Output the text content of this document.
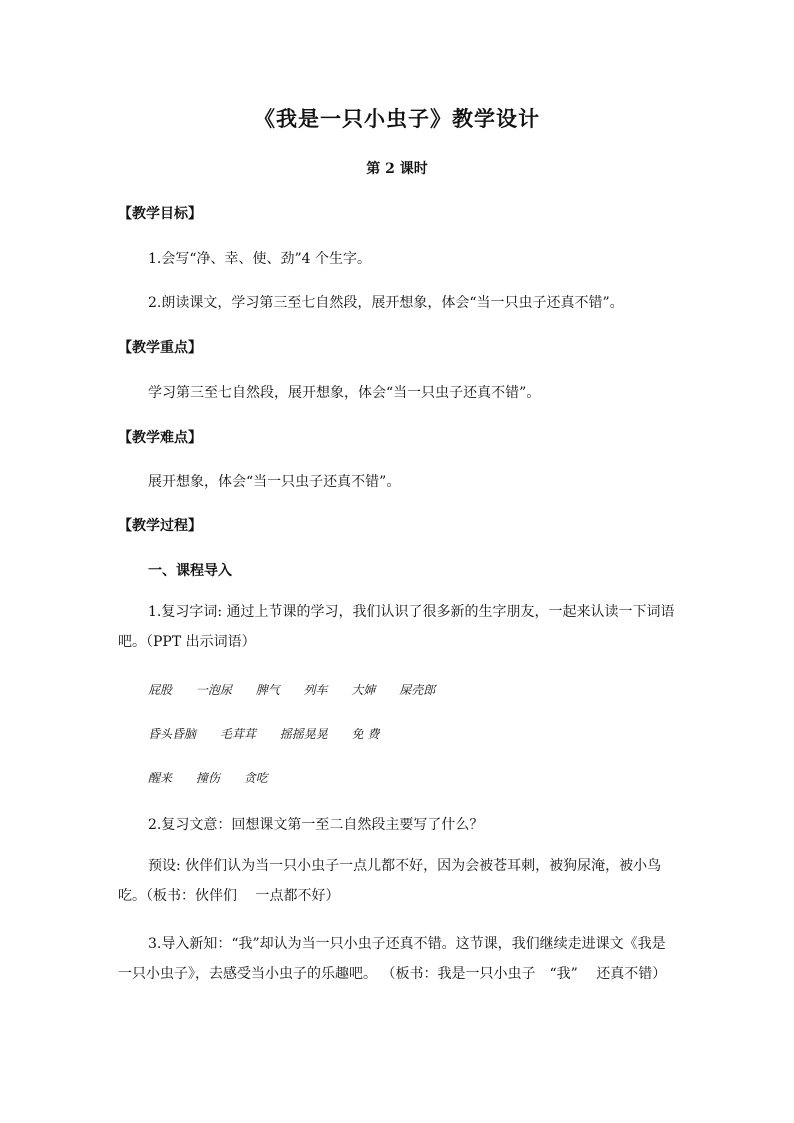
《我是一只小虫子》教学设计
第 2 课时
【教学目标】
1.会写“净、幸、使、劲”4 个生字。
2.朗读课文，学习第三至七自然段，展开想象，体会“当一只虫子还真不错”。
【教学重点】
学习第三至七自然段，展开想象，体会“当一只虫子还真不错”。
【教学难点】
展开想象，体会“当一只虫子还真不错”。
【教学过程】
一、课程导入
1.复习字词: 通过上节课的学习，我们认识了很多新的生字朋友，一起来认读一下词语吧。（PPT 出示词语）
屁股 一泡尿 脾气 列车 大婶 屎壳郎
昏头昏脑 毛茸茸 摇摇晃晃 免 费
醒来 撞伤 贪吃
2.复习文意：回想课文第一至二自然段主要写了什么？
预设: 伙伴们认为当一只小虫子一点儿都不好，因为会被苍耳刺，被狗尿淹，被小鸟吃。（板书：伙伴们　 一点都不好）
3.导入新知：“我”却认为当一只小虫子还真不错。这节课，我们继续走进课文《我是一只小虫子》，去感受当小虫子的乐趣吧。 （板书：我是一只小虫子　“我”　 还真不错）
